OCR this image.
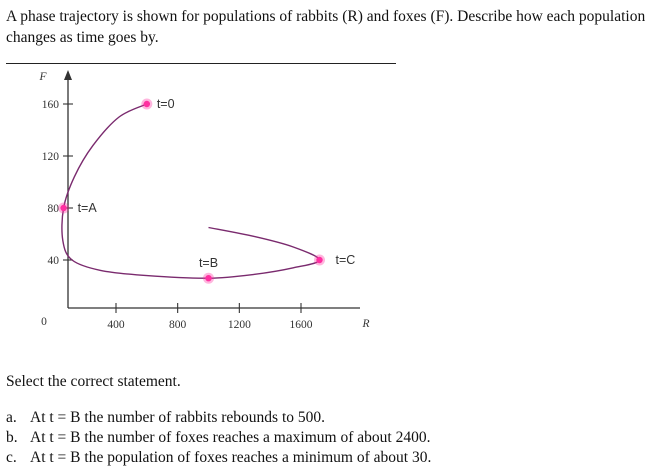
A phase trajectory is shown for populations of rabbits (R) and foxes (F). Describe how each population changes as time goes by.
40
80
120
160
400	800	1200	1600
0
F
R
t=0
t=A
t=B	t=C
Select the correct statement.
a. At t = B the number of rabbits rebounds to 500.
b. At t = B the number of foxes reaches a maximum of about 2400.
c. At t = B the population of foxes reaches a minimum of about 30.
